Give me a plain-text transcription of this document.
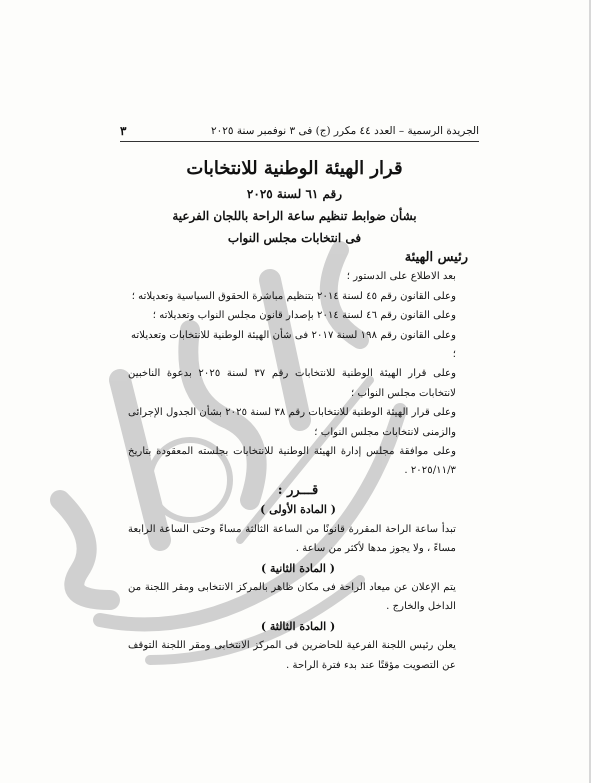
الجريدة الرسمية – العدد ٤٤ مكرر (ج) فى ٣ نوفمبر سنة ٢٠٢٥
٣
قرار الهيئة الوطنية للانتخابات
رقم ٦١ لسنة ٢٠٢٥
بشأن ضوابط تنظيم ساعة الراحة باللجان الفرعية
فى انتخابات مجلس النواب

رئيس الهيئة

بعد الاطلاع على الدستور ؛

وعلى القانون رقم ٤٥ لسنة ٢٠١٤ بتنظيم مباشرة الحقوق السياسية وتعديلاته ؛

وعلى القانون رقم ٤٦ لسنة ٢٠١٤ بإصدار قانون مجلس النواب وتعديلاته ؛

وعلى القانون رقم ١٩٨ لسنة ٢٠١٧ فى شأن الهيئة الوطنية للانتخابات وتعديلاته ؛

وعلى قرار الهيئة الوطنية للانتخابات رقم ٣٧ لسنة ٢٠٢٥ بدعوة الناخبين لانتخابات مجلس النواب ؛

وعلى قرار الهيئة الوطنية للانتخابات رقم ٣٨ لسنة ٢٠٢٥ بشأن الجدول الإجرائى والزمنى لانتخابات مجلس النواب ؛

وعلى موافقة مجلس إدارة الهيئة الوطنية للانتخابات بجلسته المعقودة بتاريخ ٢٠٢٥/١١/٣ .

قـــرر :

( المادة الأولى )

تبدأ ساعة الراحة المقررة قانونًا من الساعة الثالثة مساءً وحتى الساعة الرابعة مساءً ، ولا يجوز مدها لأكثر من ساعة .

( المادة الثانية )

يتم الإعلان عن ميعاد الراحة فى مكان ظاهر بالمركز الانتخابى ومقر اللجنة من الداخل والخارج .

( المادة الثالثة )

يعلن رئيس اللجنة الفرعية للحاضرين فى المركز الانتخابى ومقر اللجنة التوقف عن التصويت مؤقتًا عند بدء فترة الراحة .
